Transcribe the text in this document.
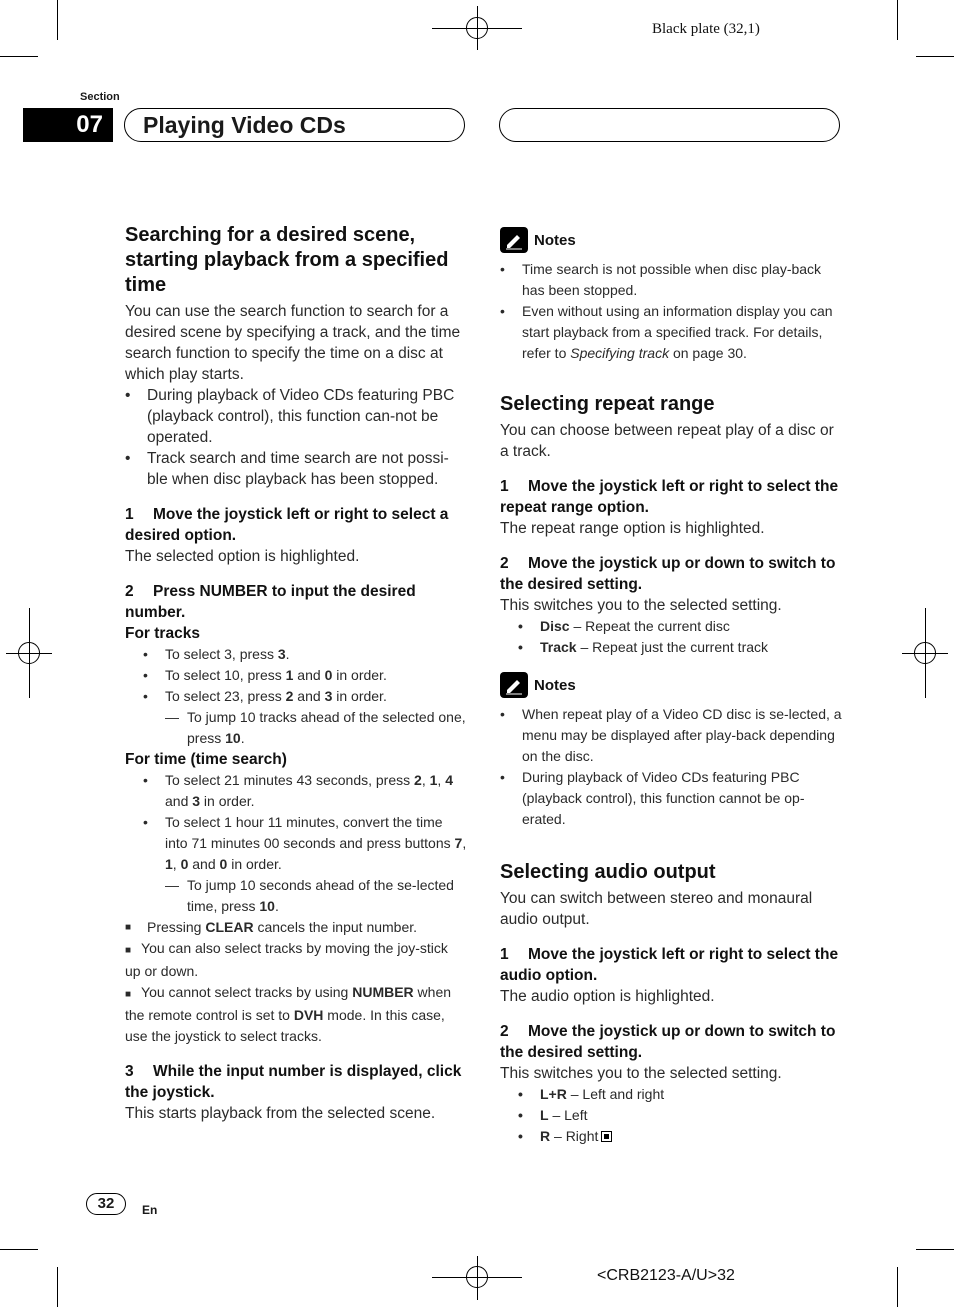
Black plate (32,1)
<CRB2123-A/U>32
Section
07	Playing Video CDs
Searching for a desired scene, starting playback from a specified time

You can use the search function to search for a desired scene by specifying a track, and the time search function to specify the time on a disc at which play starts.

• During playback of Video CDs featuring PBC (playback control), this function can-not be operated.
• Track search and time search are not possi-ble when disc playback has been stopped.
1 Move the joystick left or right to select a desired option.

The selected option is highlighted.

2 Press NUMBER to input the desired number.
For tracks
• To select 3, press 3.
• To select 10, press 1 and 0 in order.
• To select 23, press 2 and 3 in order.
— To jump 10 tracks ahead of the selected one, press 10.
For time (time search)
• To select 21 minutes 43 seconds, press 2, 1, 4 and 3 in order.
• To select 1 hour 11 minutes, convert the time into 71 minutes 00 seconds and press buttons 7, 1, 0 and 0 in order.
— To jump 10 seconds ahead of the se-lected time, press 10.
■ Pressing CLEAR cancels the input number.
■ You can also select tracks by moving the joy-stick up or down.
■ You cannot select tracks by using NUMBER when the remote control is set to DVH mode. In this case, use the joystick to select tracks.
3 While the input number is displayed, click the joystick.

This starts playback from the selected scene.

Notes
• Time search is not possible when disc play-back has been stopped.
• Even without using an information display you can start playback from a specified track. For details, refer to Specifying track on page 30.
Selecting repeat range

You can choose between repeat play of a disc or a track.

1 Move the joystick left or right to select the repeat range option.

The repeat range option is highlighted.

2 Move the joystick up or down to switch to the desired setting.

This switches you to the selected setting.

• Disc – Repeat the current disc
• Track – Repeat just the current track
Notes
• When repeat play of a Video CD disc is se-lected, a menu may be displayed after play-back depending on the disc.
• During playback of Video CDs featuring PBC (playback control), this function cannot be op-erated.
Selecting audio output

You can switch between stereo and monaural audio output.

1 Move the joystick left or right to select the audio option.

The audio option is highlighted.

2 Move the joystick up or down to switch to the desired setting.

This switches you to the selected setting.

• L+R – Left and right
• L – Left
• R – Right
32	En
